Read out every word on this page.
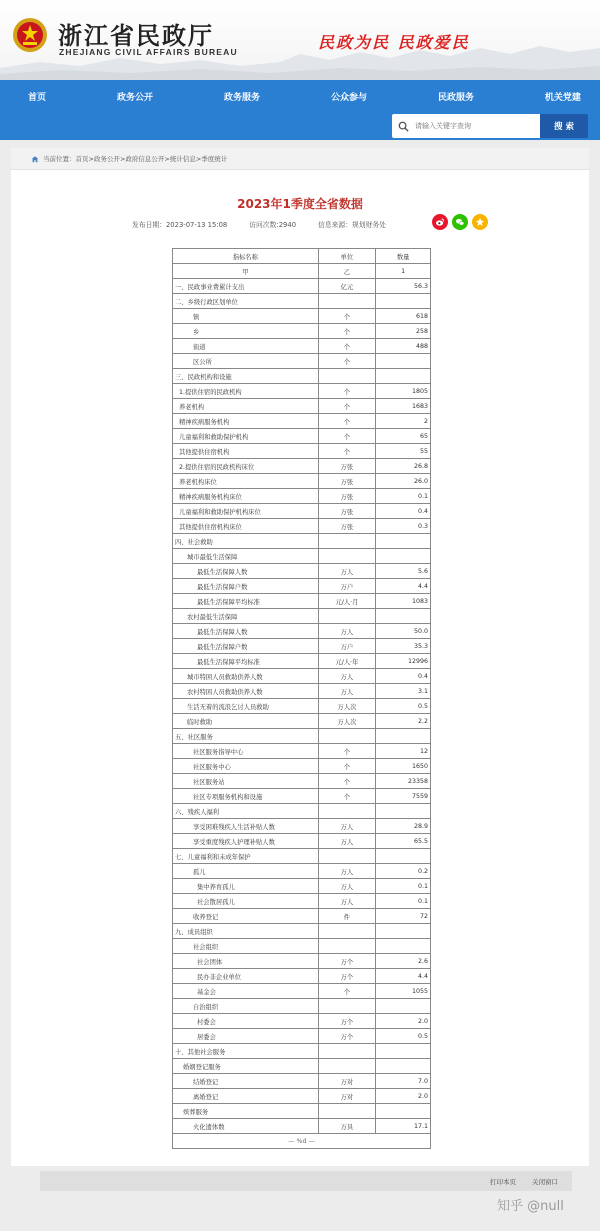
浙江省民政厅
ZHEJIANG CIVIL AFFAIRS BUREAU	民政为民 民政爱民
首页	政务公开	政务服务	公众参与	民政服务	机关党建
请输入关键字查询
搜 索
当前位置： 首页>政务公开>政府信息公开>统计信息>季度统计
2023年1季度全省数据
发布日期：2023-07-13 15:08	访问次数:2940	信息来源：规划财务处
指标名称	单位	数量
甲	乙	1
一、民政事业费累计支出	亿元	56.3
二、乡级行政区划单位		
镇	个	618
乡	个	258
街道	个	488
区公所	个	
三、民政机构和设施		
1.提供住宿的民政机构	个	1805
养老机构	个	1683
精神疾病服务机构	个	2
儿童福利和救助保护机构	个	65
其他提供住宿机构	个	55
2.提供住宿的民政机构床位	万张	26.8
养老机构床位	万张	26.0
精神疾病服务机构床位	万张	0.1
儿童福利和救助保护机构床位	万张	0.4
其他提供住宿机构床位	万张	0.3
四、社会救助		
城市最低生活保障		
最低生活保障人数	万人	5.6
最低生活保障户数	万户	4.4
最低生活保障平均标准	元/人·月	1083
农村最低生活保障		
最低生活保障人数	万人	50.0
最低生活保障户数	万户	35.3
最低生活保障平均标准	元/人·年	12996
城市特困人员救助供养人数	万人	0.4
农村特困人员救助供养人数	万人	3.1
生活无着的流浪乞讨人员救助	万人次	0.5
临时救助	万人次	2.2
五、社区服务		
社区服务指导中心	个	12
社区服务中心	个	1650
社区服务站	个	23358
社区专项服务机构和设施	个	7559
六、残疾人福利		
享受困难残疾人生活补贴人数	万人	28.9
享受重度残疾人护理补贴人数	万人	65.5
七、儿童福利和未成年保护		
孤儿	万人	0.2
集中养育孤儿	万人	0.1
社会散居孤儿	万人	0.1
收养登记	件	72
九、成员组织		
社会组织		
社会团体	万个	2.6
民办非企业单位	万个	4.4
基金会	个	1055
自治组织		
村委会	万个	2.0
居委会	万个	0.5
十、其他社会服务		
婚姻登记服务		
结婚登记	万对	7.0
离婚登记	万对	2.0
殡葬服务		
火化遗体数	万具	17.1
— %d —		
打印本页 关闭窗口
知乎 @null
